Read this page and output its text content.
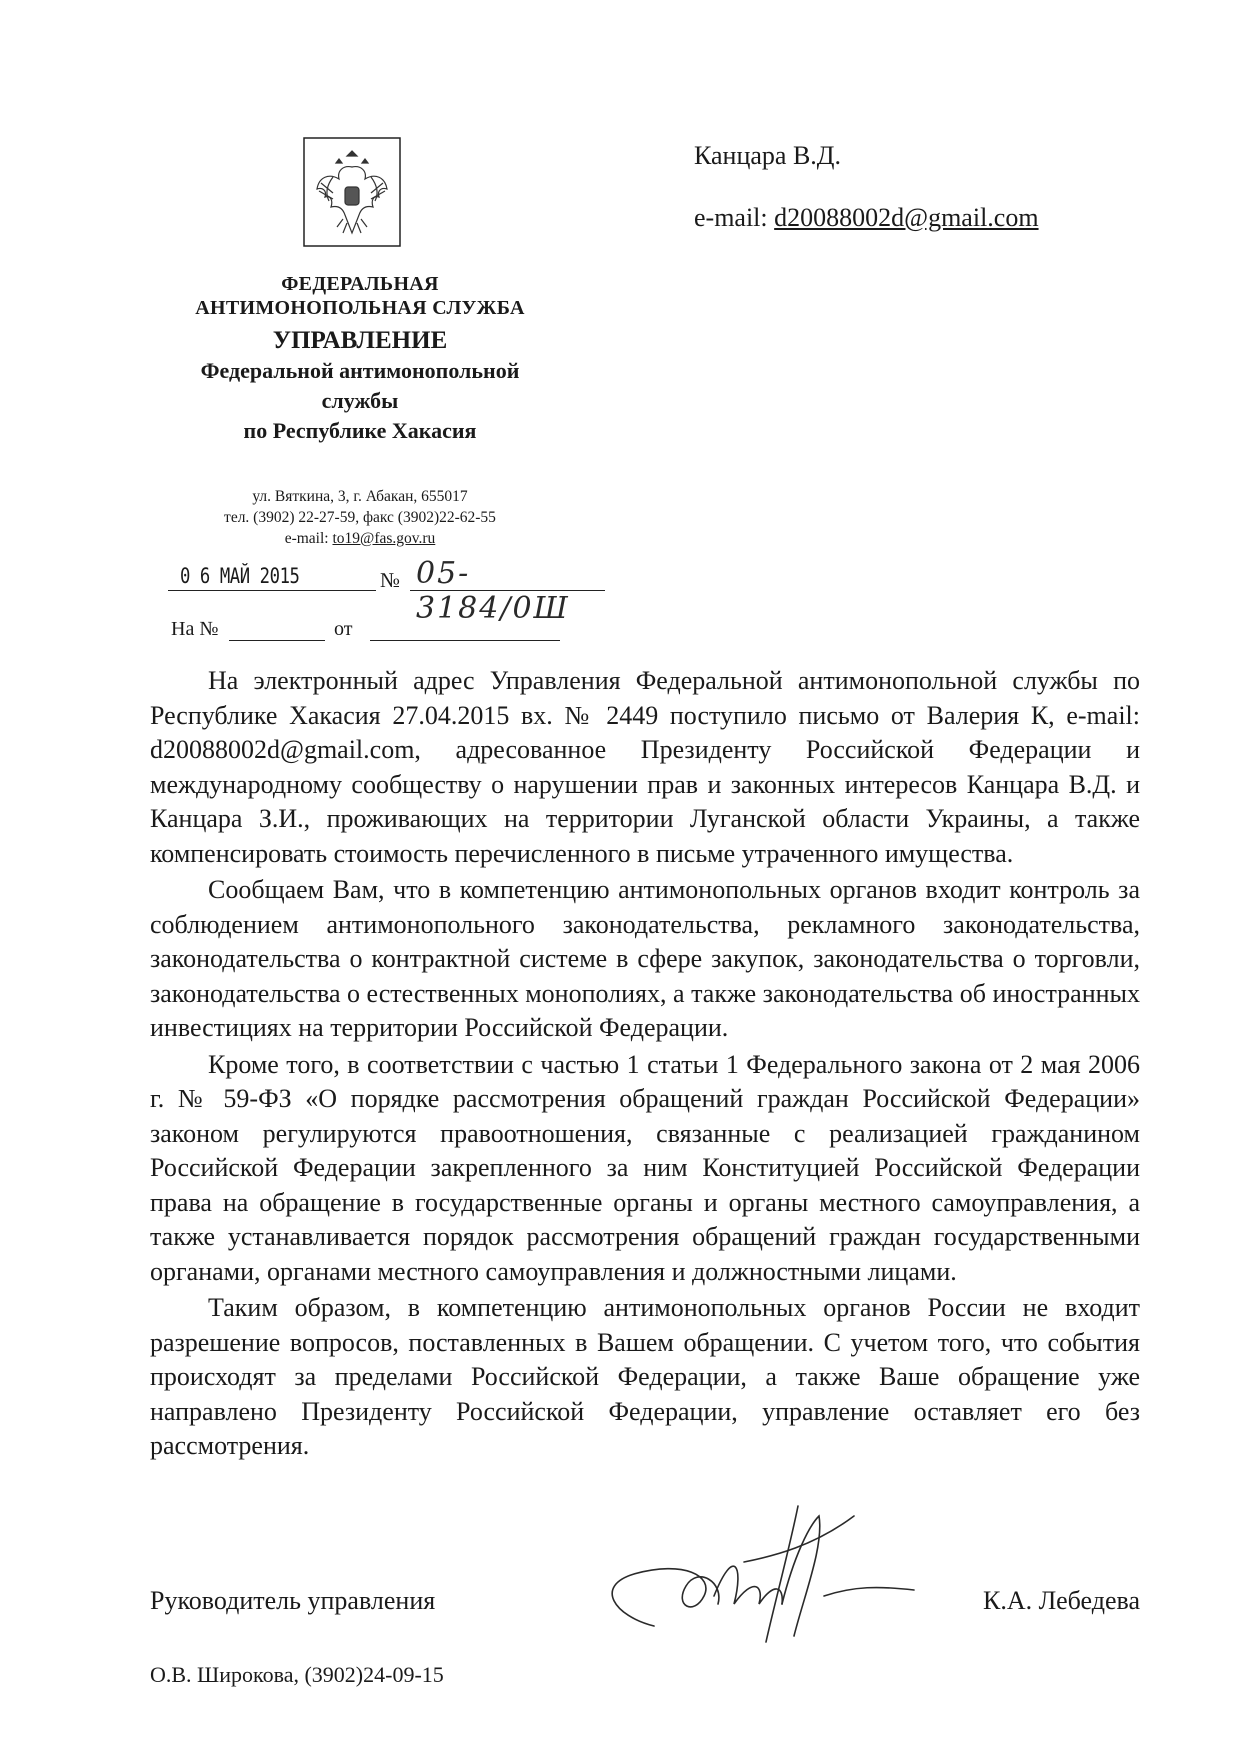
Канцара В.Д.
e-mail: d20088002d@gmail.com
ФЕДЕРАЛЬНАЯ
АНТИМОНОПОЛЬНАЯ СЛУЖБА
УПРАВЛЕНИЕ
Федеральной антимонопольной
службы
по Республике Хакасия
ул. Вяткина, 3, г. Абакан, 655017
тел. (3902) 22-27-59, факс (3902)22-62-55
e-mail: to19@fas.gov.ru
0 6 МАЙ 2015	№ 05-3184/0Ш
На №	от

На электронный адрес Управления Федеральной антимонопольной службы по Республике Хакасия 27.04.2015 вх. № 2449 поступило письмо от Валерия К, e-mail: d20088002d@gmail.com, адресованное Президенту Российской Федерации и международному сообществу о нарушении прав и законных интересов Канцара В.Д. и Канцара З.И., проживающих на территории Луганской области Украины, а также компенсировать стоимость перечисленного в письме утраченного имущества.

Сообщаем Вам, что в компетенцию антимонопольных органов входит контроль за соблюдением антимонопольного законодательства, рекламного законодательства, законодательства о контрактной системе в сфере закупок, законодательства о торговли, законодательства о естественных монополиях, а также законодательства об иностранных инвестициях на территории Российской Федерации.

Кроме того, в соответствии с частью 1 статьи 1 Федерального закона от 2 мая 2006 г. № 59-ФЗ «О порядке рассмотрения обращений граждан Российской Федерации» законом регулируются правоотношения, связанные с реализацией гражданином Российской Федерации закрепленного за ним Конституцией Российской Федерации права на обращение в государственные органы и органы местного самоуправления, а также устанавливается порядок рассмотрения обращений граждан государственными органами, органами местного самоуправления и должностными лицами.

Таким образом, в компетенцию антимонопольных органов России не входит разрешение вопросов, поставленных в Вашем обращении. С учетом того, что события происходят за пределами Российской Федерации, а также Ваше обращение уже направлено Президенту Российской Федерации, управление оставляет его без рассмотрения.

Руководитель управления	К.А. Лебедева
О.В. Широкова, (3902)24-09-15
